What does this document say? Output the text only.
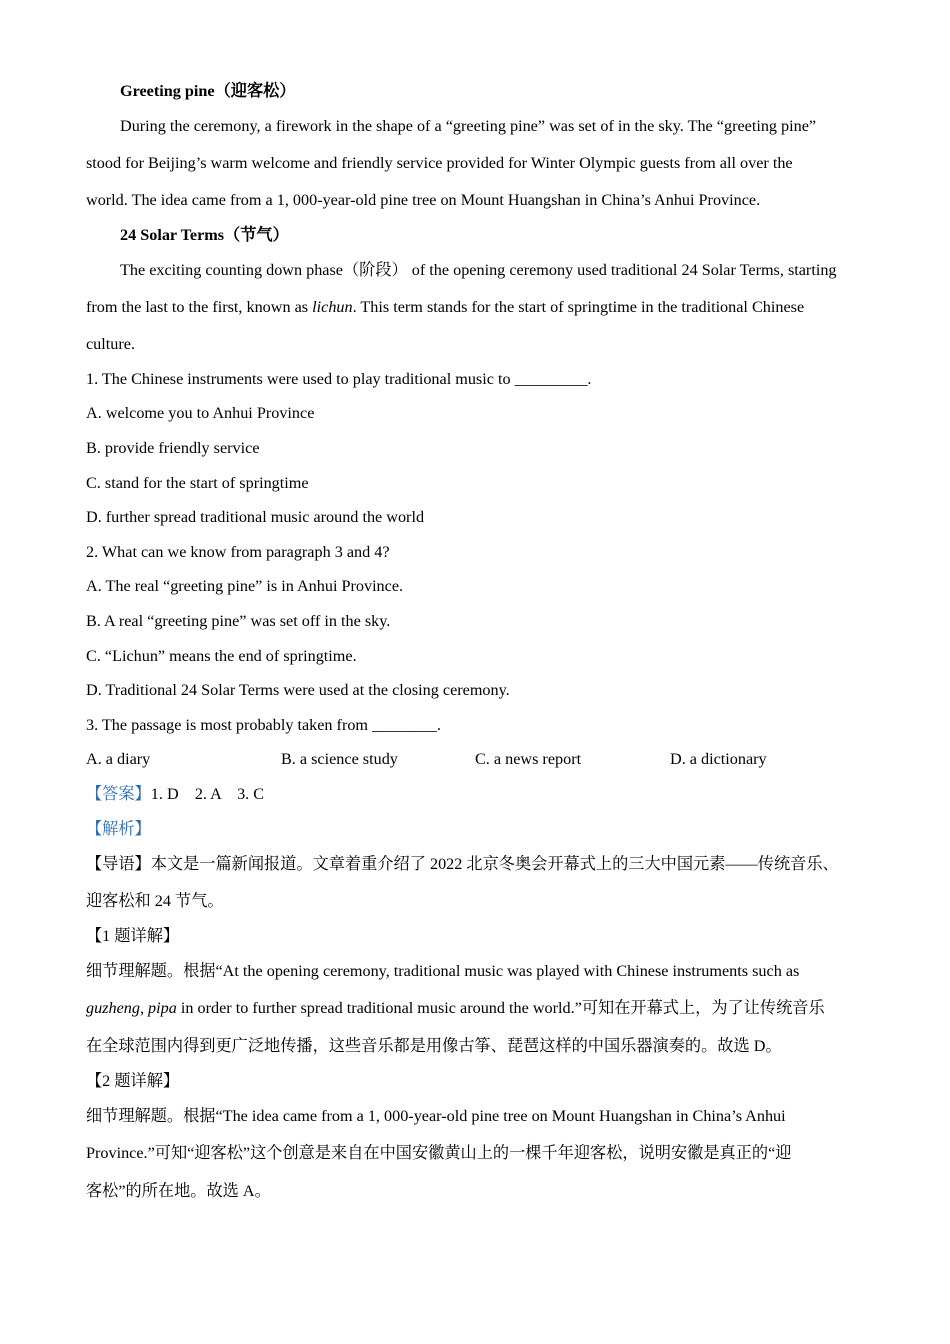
Greeting pine（迎客松）
During the ceremony, a firework in the shape of a “greeting pine” was set of in the sky. The “greeting pine”
stood for Beijing’s warm welcome and friendly service provided for Winter Olympic guests from all over the
world. The idea came from a 1, 000-year-old pine tree on Mount Huangshan in China’s Anhui Province.
24 Solar Terms（节气）
The exciting counting down phase（阶段） of the opening ceremony used traditional 24 Solar Terms, starting
from the last to the first, known as lichun. This term stands for the start of springtime in the traditional Chinese
culture.
1. The Chinese instruments were used to play traditional music to _________.
A. welcome you to Anhui Province
B. provide friendly service
C. stand for the start of springtime
D. further spread traditional music around the world
2. What can we know from paragraph 3 and 4?
A. The real “greeting pine” is in Anhui Province.
B. A real “greeting pine” was set off in the sky.
C. “Lichun” means the end of springtime.
D. Traditional 24 Solar Terms were used at the closing ceremony.
3. The passage is most probably taken from ________.
A. a diary	B. a science study	C. a news report	D. a dictionary
【答案】1. D    2. A    3. C
【解析】
【导语】本文是一篇新闻报道。文章着重介绍了 2022 北京冬奥会开幕式上的三大中国元素——传统音乐、
迎客松和 24 节气。
【1 题详解】
细节理解题。根据“At the opening ceremony, traditional music was played with Chinese instruments such as
guzheng, pipa in order to further spread traditional music around the world.”可知在开幕式上，为了让传统音乐
在全球范围内得到更广泛地传播，这些音乐都是用像古筝、琵琶这样的中国乐器演奏的。故选 D。
【2 题详解】
细节理解题。根据“The idea came from a 1, 000-year-old pine tree on Mount Huangshan in China’s Anhui
Province.”可知“迎客松”这个创意是来自在中国安徽黄山上的一棵千年迎客松，说明安徽是真正的“迎
客松”的所在地。故选 A。
